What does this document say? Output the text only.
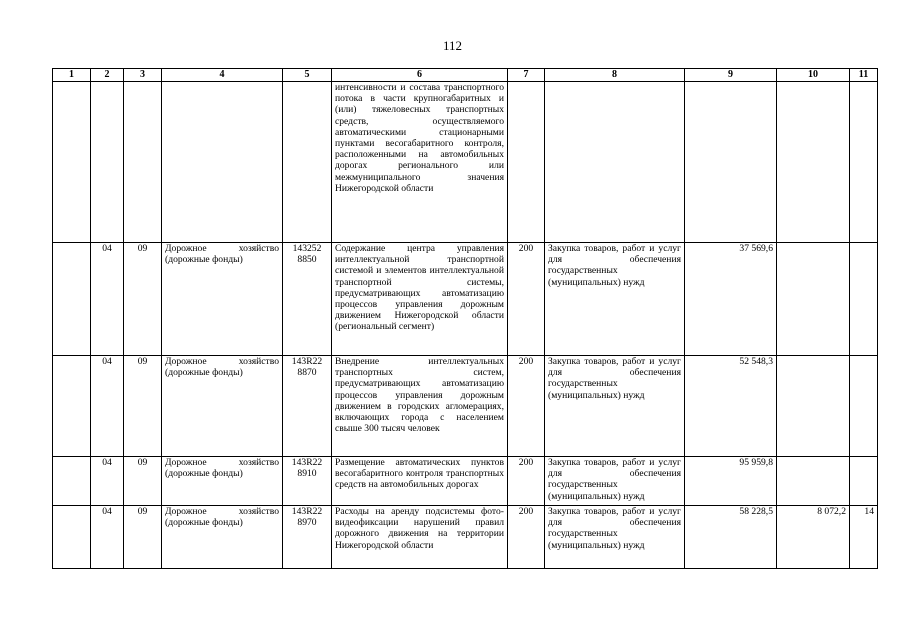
112
1	2	3	4	5	6	7	8	9	10	11
					интенсивности и состава транспортного потока в части крупногабаритных и (или) тяжеловесных транспортных средств, осуществляемого автоматическими стационарными пунктами весогабаритного контроля, расположенными на автомобильных дорогах регионального или межмуниципального значения Нижегородской области					
	04	09	Дорожное хозяйство (дорожные фонды)	143252 8850	Содержание центра управления интеллектуальной транспортной системой и элементов интеллектуальной транспортной системы, предусматривающих автоматизацию процессов управления дорожным движением Нижегородской области (региональный сегмент)	200	Закупка товаров, работ и услуг для обеспечения государственных (муниципальных) нужд	37 569,6		
	04	09	Дорожное хозяйство (дорожные фонды)	143R22 8870	Внедрение интеллектуальных транспортных систем, предусматривающих автоматизацию процессов управления дорожным движением в городских агломерациях, включающих города с населением свыше 300 тысяч человек	200	Закупка товаров, работ и услуг для обеспечения государственных (муниципальных) нужд	52 548,3		
	04	09	Дорожное хозяйство (дорожные фонды)	143R22 8910	Размещение автоматических пунктов весогабаритного контроля транспортных средств на автомобильных дорогах	200	Закупка товаров, работ и услуг для обеспечения государственных (муниципальных) нужд	95 959,8		
	04	09	Дорожное хозяйство (дорожные фонды)	143R22 8970	Расходы на аренду подсистемы фото-видеофиксации нарушений правил дорожного движения на территории Нижегородской области	200	Закупка товаров, работ и услуг для обеспечения государственных (муниципальных) нужд	58 228,5	8 072,2	14
